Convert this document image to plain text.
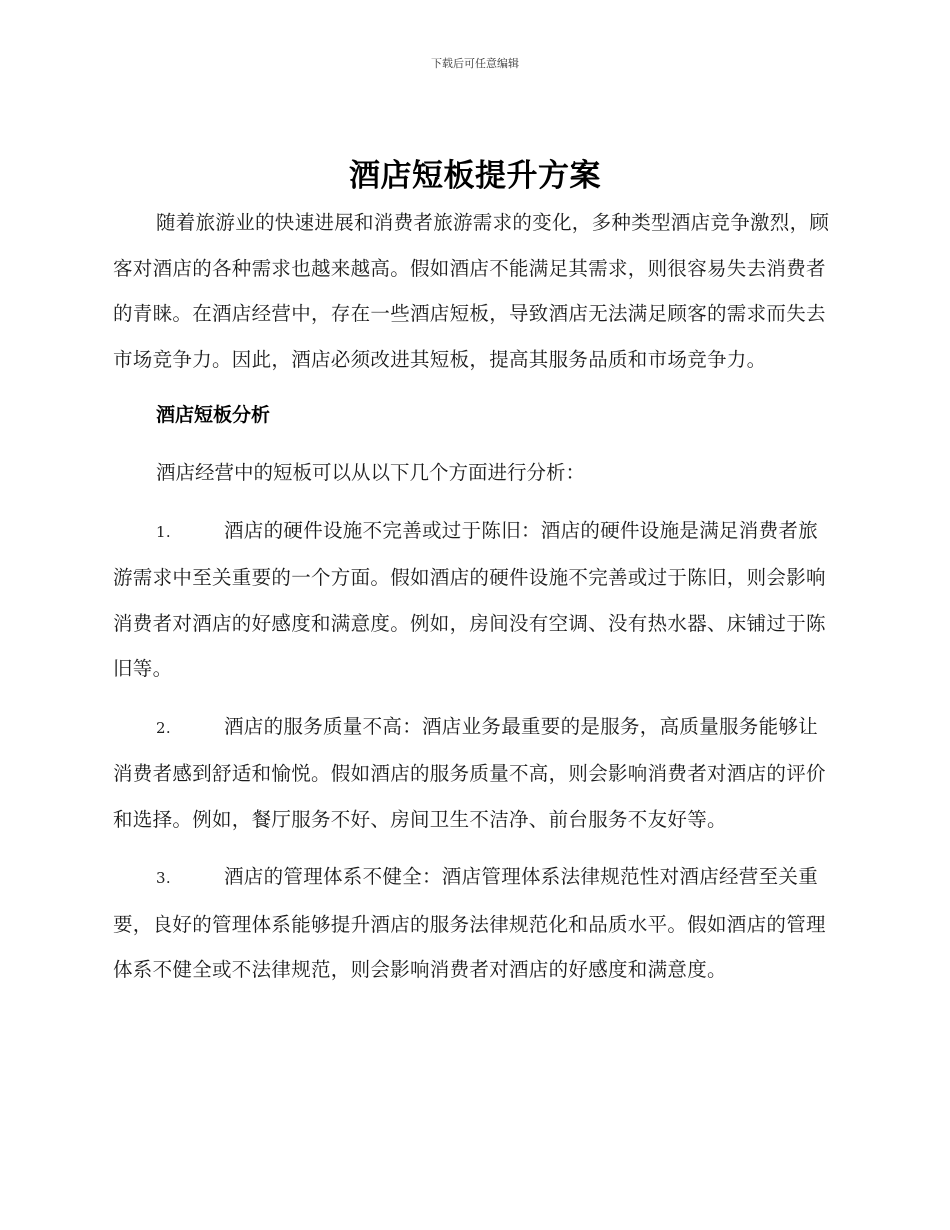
下载后可任意编辑
酒店短板提升方案

随着旅游业的快速进展和消费者旅游需求的变化，多种类型酒店竞争激烈，顾客对酒店的各种需求也越来越高。假如酒店不能满足其需求，则很容易失去消费者的青睐。在酒店经营中，存在一些酒店短板，导致酒店无法满足顾客的需求而失去市场竞争力。因此，酒店必须改进其短板，提高其服务品质和市场竞争力。

酒店短板分析

酒店经营中的短板可以从以下几个方面进行分析：

1.	酒店的硬件设施不完善或过于陈旧：酒店的硬件设施是满足消费者旅游需求中至关重要的一个方面。假如酒店的硬件设施不完善或过于陈旧，则会影响消费者对酒店的好感度和满意度。例如，房间没有空调、没有热水器、床铺过于陈旧等。

2.	酒店的服务质量不高：酒店业务最重要的是服务，高质量服务能够让消费者感到舒适和愉悦。假如酒店的服务质量不高，则会影响消费者对酒店的评价和选择。例如，餐厅服务不好、房间卫生不洁净、前台服务不友好等。

3.	酒店的管理体系不健全：酒店管理体系法律规范性对酒店经营至关重要，良好的管理体系能够提升酒店的服务法律规范化和品质水平。假如酒店的管理体系不健全或不法律规范，则会影响消费者对酒店的好感度和满意度。
